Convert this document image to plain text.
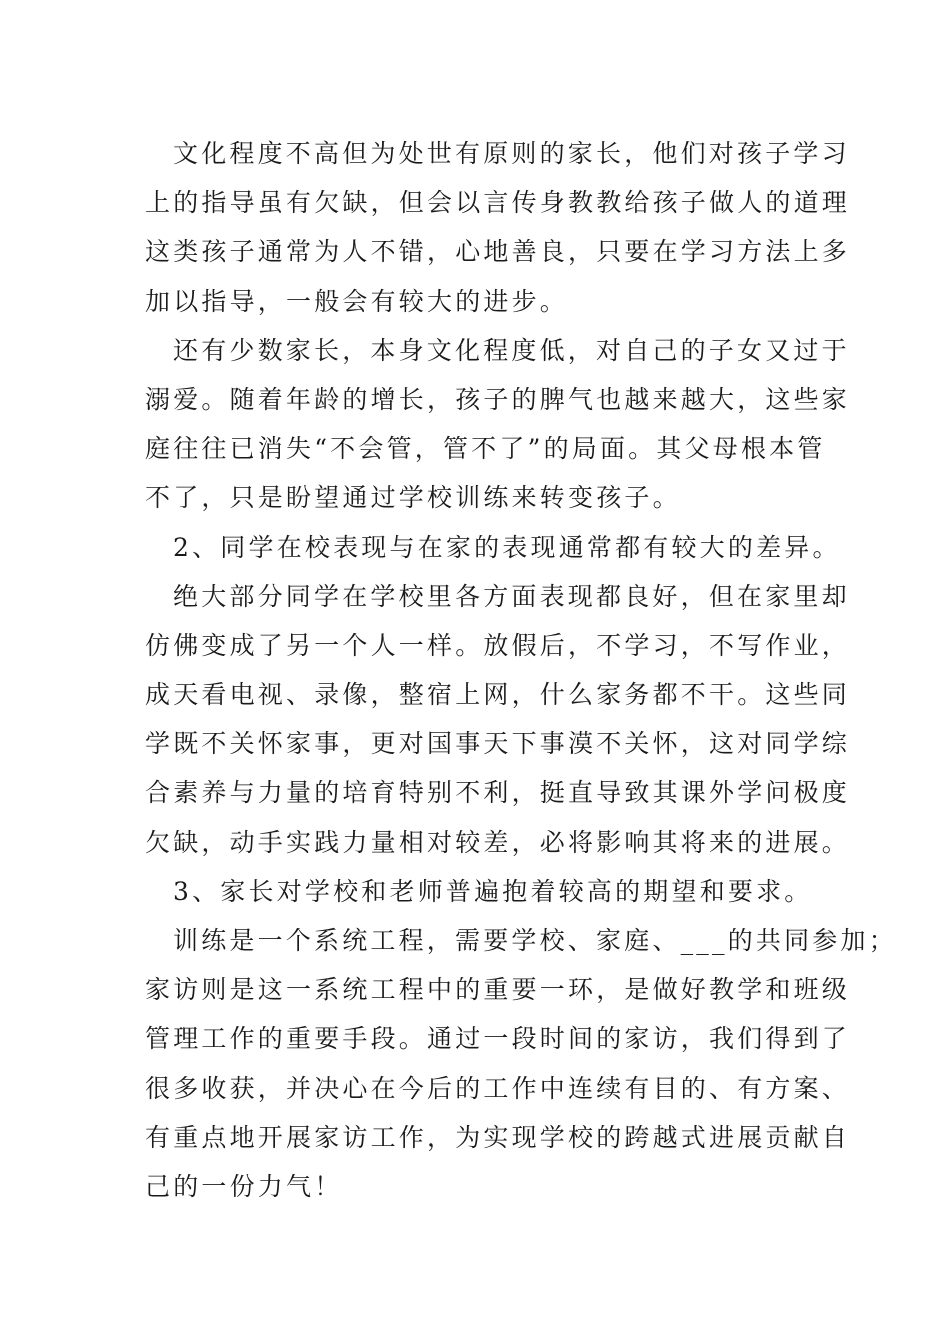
文化程度不高但为处世有原则的家长，他们对孩子学习
上的指导虽有欠缺，但会以言传身教教给孩子做人的道理
这类孩子通常为人不错，心地善良，只要在学习方法上多
加以指导，一般会有较大的进步。
还有少数家长，本身文化程度低，对自己的子女又过于
溺爱。随着年龄的增长，孩子的脾气也越来越大，这些家
庭往往已消失“不会管，管不了”的局面。其父母根本管
不了，只是盼望通过学校训练来转变孩子。
2、同学在校表现与在家的表现通常都有较大的差异。
绝大部分同学在学校里各方面表现都良好，但在家里却
仿佛变成了另一个人一样。放假后，不学习，不写作业，
成天看电视、录像，整宿上网，什么家务都不干。这些同
学既不关怀家事，更对国事天下事漠不关怀，这对同学综
合素养与力量的培育特别不利，挺直导致其课外学问极度
欠缺，动手实践力量相对较差，必将影响其将来的进展。
3、家长对学校和老师普遍抱着较高的期望和要求。
训练是一个系统工程，需要学校、家庭、___的共同参加；
家访则是这一系统工程中的重要一环，是做好教学和班级
管理工作的重要手段。通过一段时间的家访，我们得到了
很多收获，并决心在今后的工作中连续有目的、有方案、
有重点地开展家访工作，为实现学校的跨越式进展贡献自
己的一份力气！
